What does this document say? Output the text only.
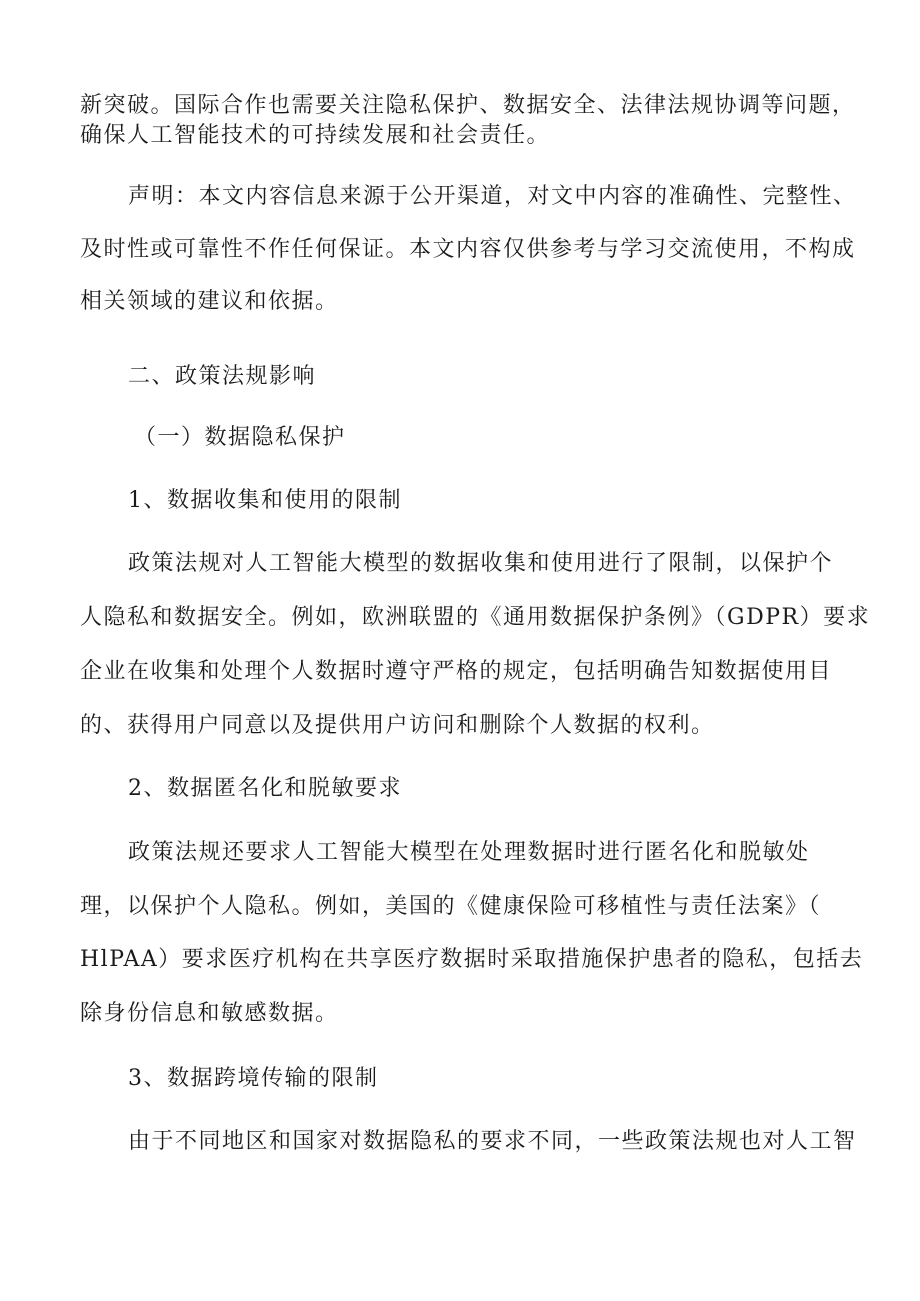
新突破。国际合作也需要关注隐私保护、数据安全、法律法规协调等问题，
确保人工智能技术的可持续发展和社会责任。
声明：本文内容信息来源于公开渠道，对文中内容的准确性、完整性、
及时性或可靠性不作任何保证。本文内容仅供参考与学习交流使用，不构成
相关领域的建议和依据。
二、政策法规影响
（一）数据隐私保护
1、数据收集和使用的限制
政策法规对人工智能大模型的数据收集和使用进行了限制，以保护个
人隐私和数据安全。例如，欧洲联盟的《通用数据保护条例》（GDPR）要求
企业在收集和处理个人数据时遵守严格的规定，包括明确告知数据使用目
的、获得用户同意以及提供用户访问和删除个人数据的权利。
2、数据匿名化和脱敏要求
政策法规还要求人工智能大模型在处理数据时进行匿名化和脱敏处
理，以保护个人隐私。例如，美国的《健康保险可移植性与责任法案》（
HlPAA）要求医疗机构在共享医疗数据时采取措施保护患者的隐私，包括去
除身份信息和敏感数据。
3、数据跨境传输的限制
由于不同地区和国家对数据隐私的要求不同，一些政策法规也对人工智
